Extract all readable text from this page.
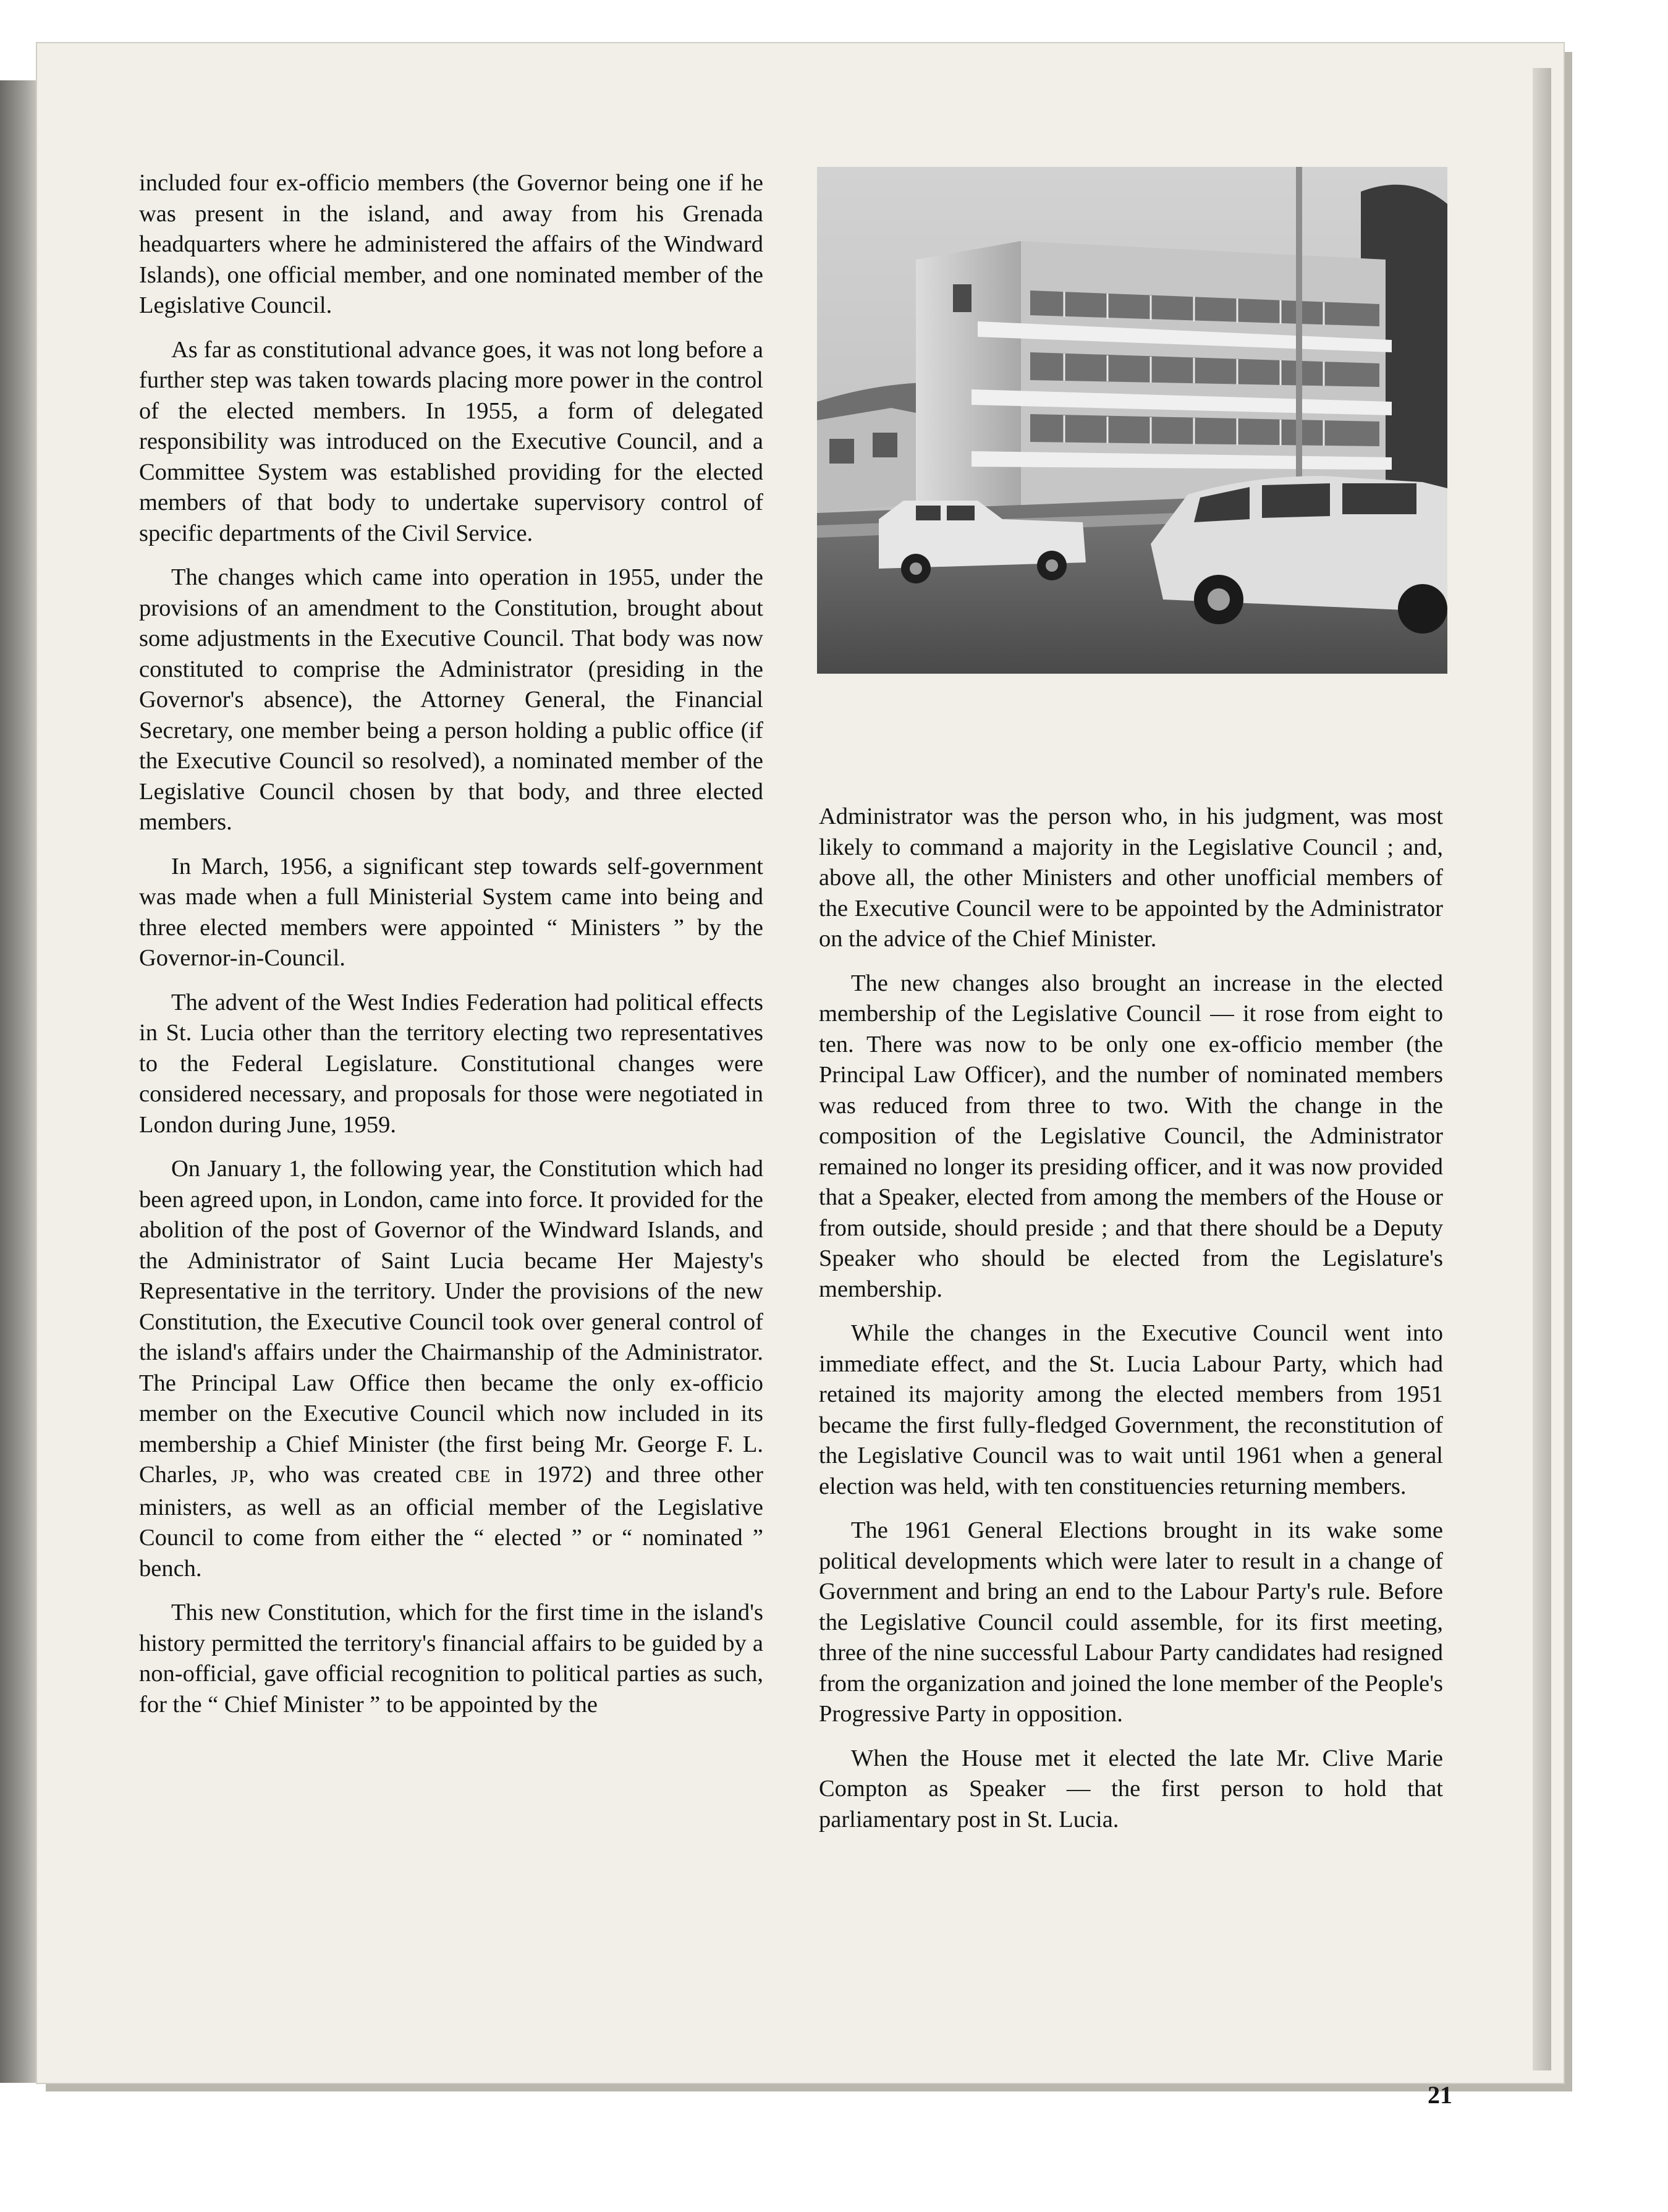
included four ex-officio members (the Governor being one if he was present in the island, and away from his Grenada headquarters where he administered the affairs of the Windward Islands), one official member, and one nominated member of the Legislative Council.

As far as constitutional advance goes, it was not long before a further step was taken towards placing more power in the control of the elected members. In 1955, a form of delegated responsibility was introduced on the Executive Council, and a Committee System was established providing for the elected members of that body to undertake supervisory control of specific departments of the Civil Service.

The changes which came into operation in 1955, under the provisions of an amendment to the Constitution, brought about some adjustments in the Executive Council. That body was now constituted to comprise the Administrator (presiding in the Governor's absence), the Attorney General, the Financial Secretary, one member being a person holding a public office (if the Executive Council so resolved), a nominated member of the Legislative Council chosen by that body, and three elected members.

In March, 1956, a significant step towards self-government was made when a full Ministerial System came into being and three elected members were appointed “ Ministers ” by the Governor-in-Council.

The advent of the West Indies Federation had political effects in St. Lucia other than the territory electing two representatives to the Federal Legislature. Constitutional changes were considered necessary, and proposals for those were negotiated in London during June, 1959.

On January 1, the following year, the Constitution which had been agreed upon, in London, came into force. It provided for the abolition of the post of Governor of the Windward Islands, and the Administrator of Saint Lucia became Her Majesty's Representative in the territory. Under the provisions of the new Constitution, the Executive Council took over general control of the island's affairs under the Chairmanship of the Administrator. The Principal Law Office then became the only ex-officio member on the Executive Council which now included in its membership a Chief Minister (the first being Mr. George F. L. Charles, JP, who was created CBE in 1972) and three other ministers, as well as an official member of the Legislative Council to come from either the “ elected ” or “ nominated ” bench.

This new Constitution, which for the first time in the island's history permitted the territory's financial affairs to be guided by a non-official, gave official recognition to political parties as such, for the “ Chief Minister ” to be appointed by the

Administrator was the person who, in his judgment, was most likely to command a majority in the Legislative Council ; and, above all, the other Ministers and other unofficial members of the Executive Council were to be appointed by the Administrator on the advice of the Chief Minister.

The new changes also brought an increase in the elected membership of the Legislative Council — it rose from eight to ten. There was now to be only one ex-officio member (the Principal Law Officer), and the number of nominated members was reduced from three to two. With the change in the composition of the Legislative Council, the Administrator remained no longer its presiding officer, and it was now provided that a Speaker, elected from among the members of the House or from outside, should preside ; and that there should be a Deputy Speaker who should be elected from the Legislature's membership.

While the changes in the Executive Council went into immediate effect, and the St. Lucia Labour Party, which had retained its majority among the elected members from 1951 became the first fully-fledged Government, the reconstitution of the Legislative Council was to wait until 1961 when a general election was held, with ten constituencies returning members.

The 1961 General Elections brought in its wake some political developments which were later to result in a change of Government and bring an end to the Labour Party's rule. Before the Legislative Council could assemble, for its first meeting, three of the nine successful Labour Party candidates had resigned from the organization and joined the lone member of the People's Progressive Party in opposition.

When the House met it elected the late Mr. Clive Marie Compton as Speaker — the first person to hold that parliamentary post in St. Lucia.

21
